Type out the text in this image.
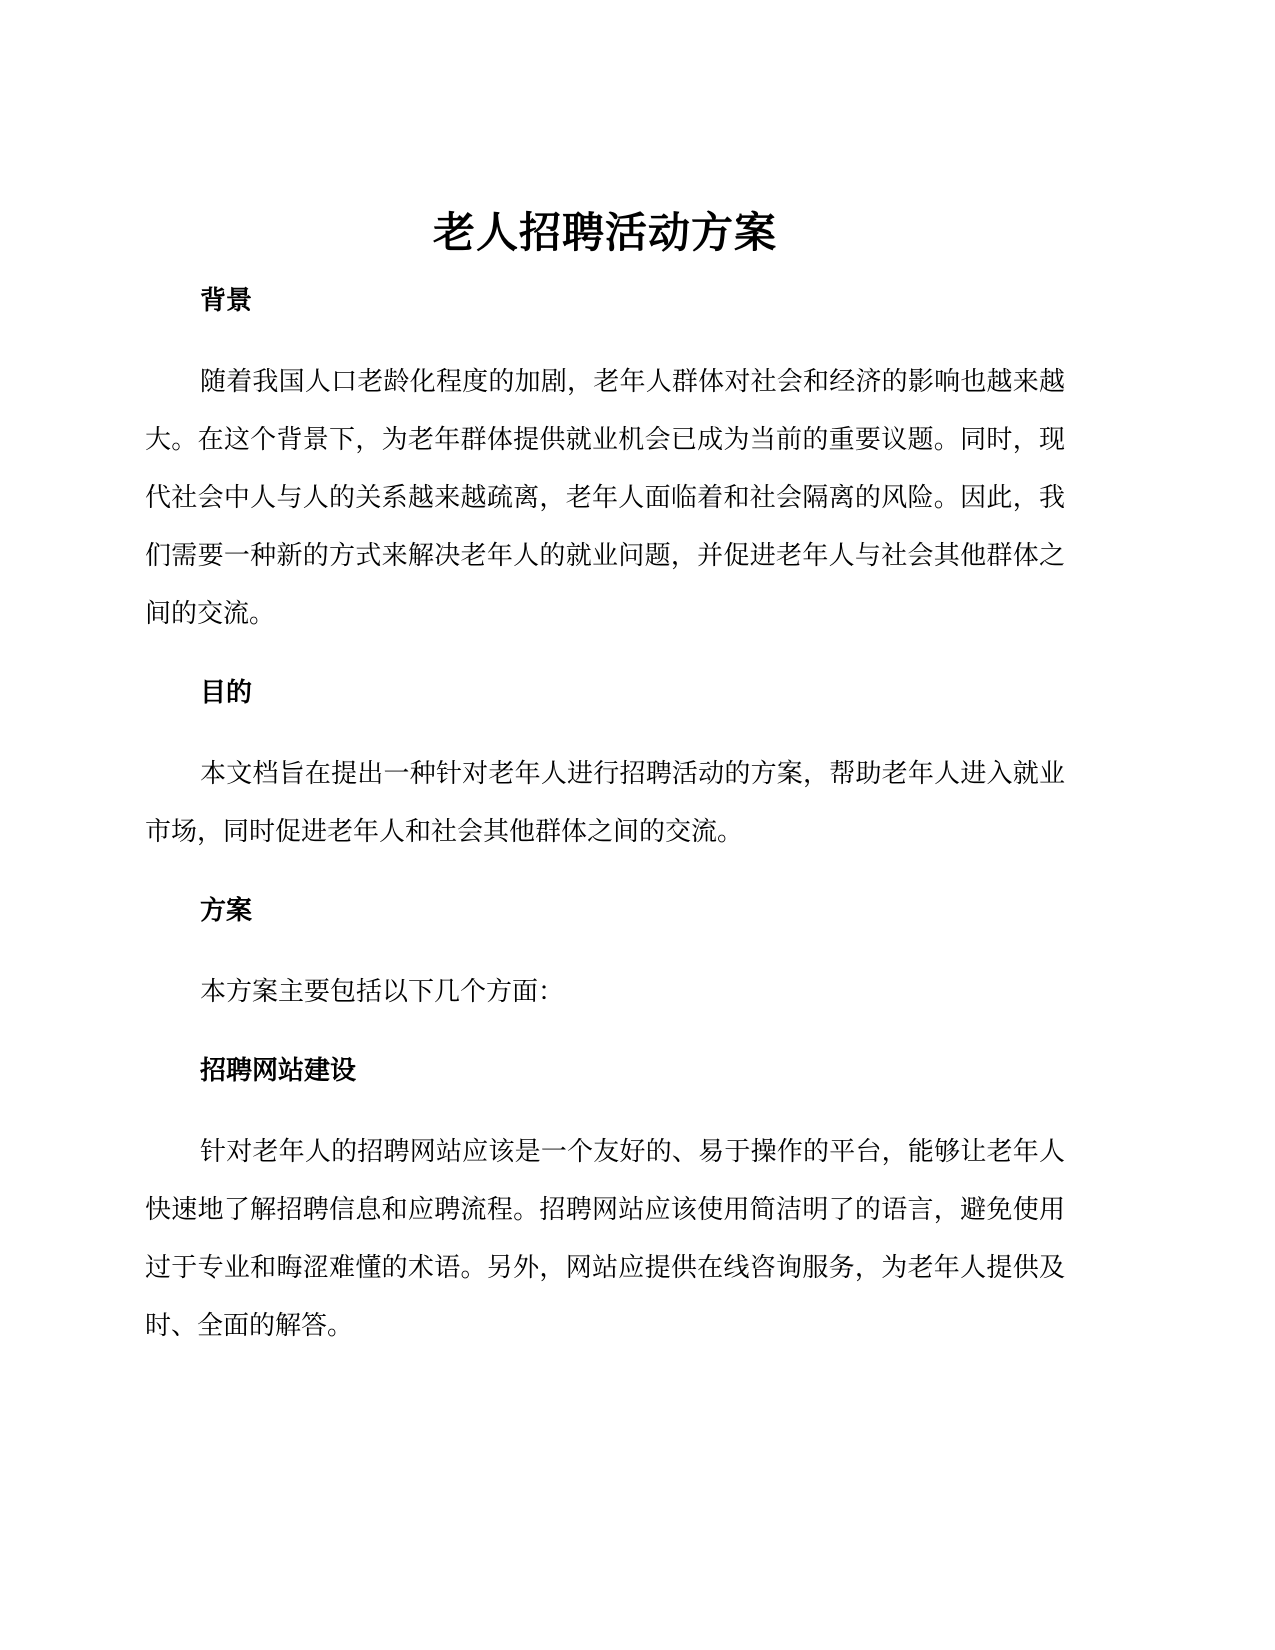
老人招聘活动方案
背景

随着我国人口老龄化程度的加剧，老年人群体对社会和经济的影响也越来越大。在这个背景下，为老年群体提供就业机会已成为当前的重要议题。同时，现代社会中人与人的关系越来越疏离，老年人面临着和社会隔离的风险。因此，我们需要一种新的方式来解决老年人的就业问题，并促进老年人与社会其他群体之间的交流。

目的

本文档旨在提出一种针对老年人进行招聘活动的方案，帮助老年人进入就业市场，同时促进老年人和社会其他群体之间的交流。

方案

本方案主要包括以下几个方面：

招聘网站建设

针对老年人的招聘网站应该是一个友好的、易于操作的平台，能够让老年人快速地了解招聘信息和应聘流程。招聘网站应该使用简洁明了的语言，避免使用过于专业和晦涩难懂的术语。另外，网站应提供在线咨询服务，为老年人提供及时、全面的解答。
